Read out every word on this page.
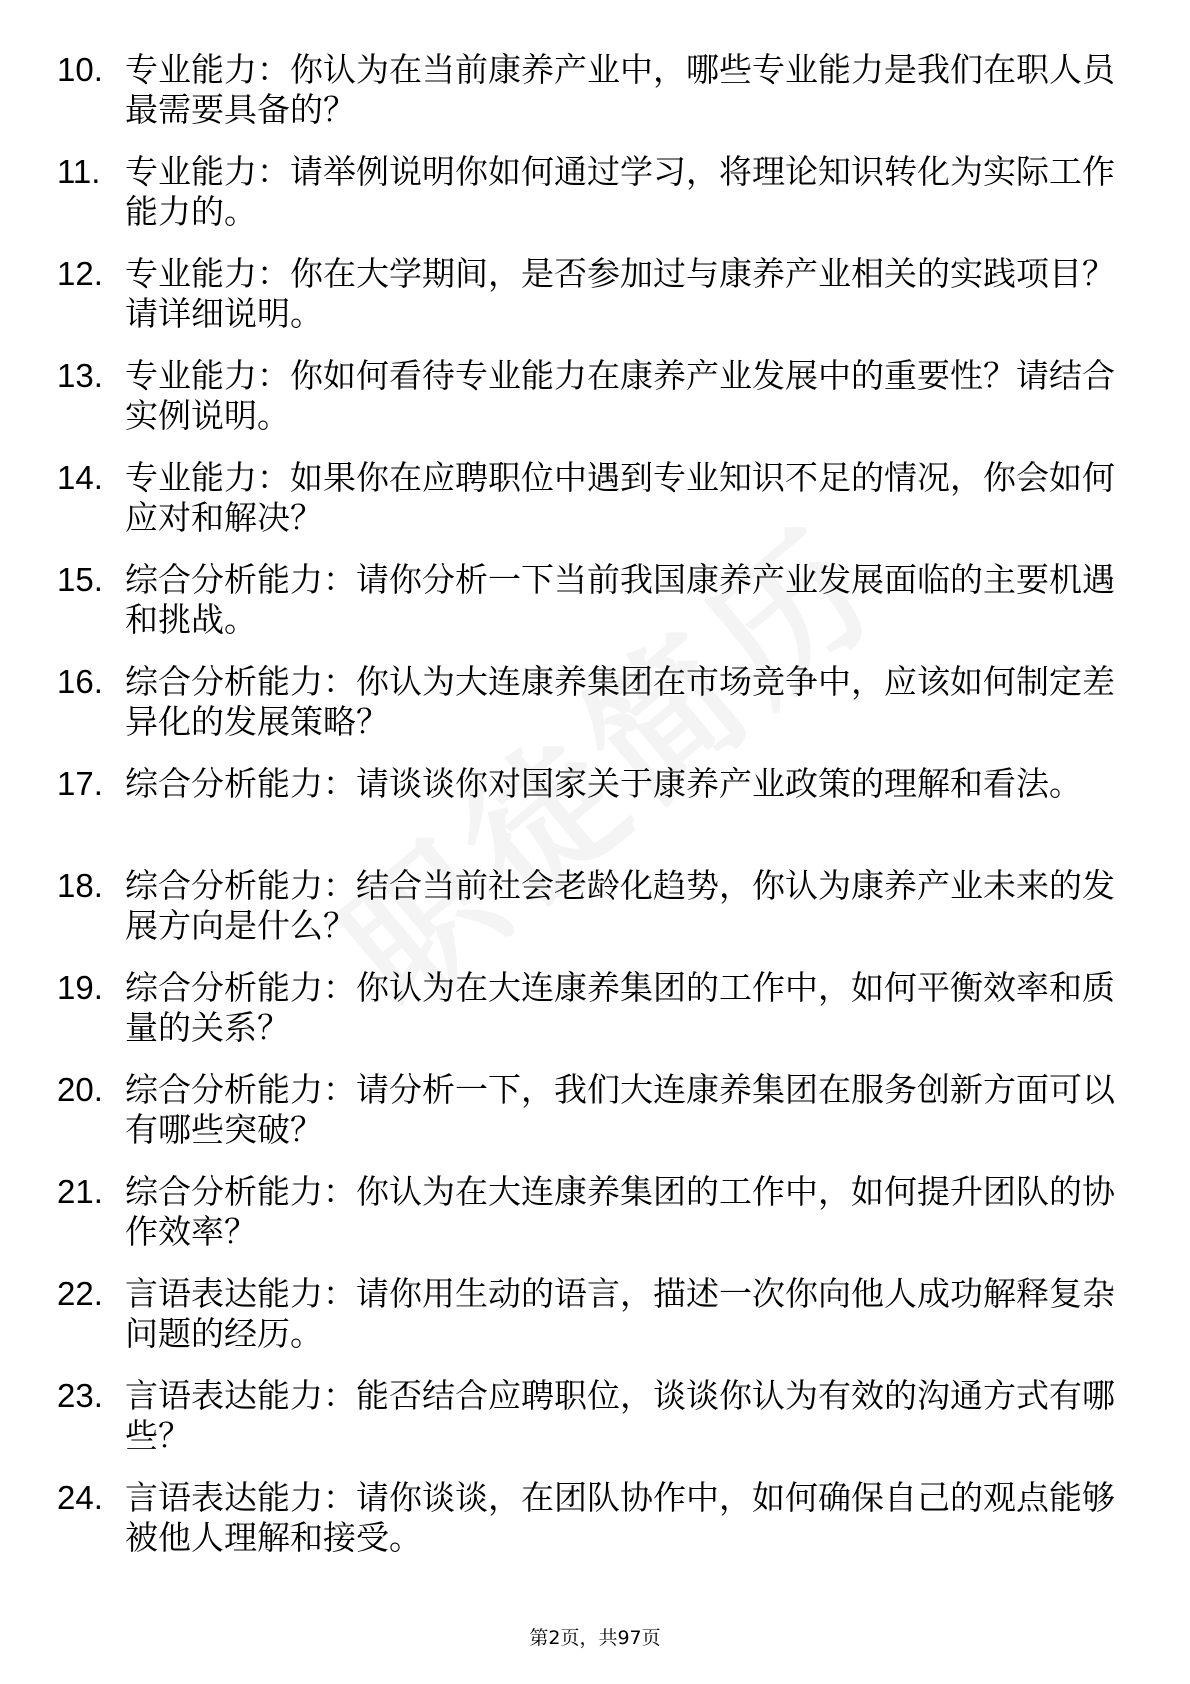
10. 专业能力：你认为在当前康养产业中，哪些专业能力是我们在职人员最需要具备的？
11. 专业能力：请举例说明你如何通过学习，将理论知识转化为实际工作能力的。
12. 专业能力：你在大学期间，是否参加过与康养产业相关的实践项目？请详细说明。
13. 专业能力：你如何看待专业能力在康养产业发展中的重要性？请结合实例说明。
14. 专业能力：如果你在应聘职位中遇到专业知识不足的情况，你会如何应对和解决？
15. 综合分析能力：请你分析一下当前我国康养产业发展面临的主要机遇和挑战。
16. 综合分析能力：你认为大连康养集团在市场竞争中，应该如何制定差异化的发展策略？
17. 综合分析能力：请谈谈你对国家关于康养产业政策的理解和看法。
18. 综合分析能力：结合当前社会老龄化趋势，你认为康养产业未来的发展方向是什么？
19. 综合分析能力：你认为在大连康养集团的工作中，如何平衡效率和质量的关系？
20. 综合分析能力：请分析一下，我们大连康养集团在服务创新方面可以有哪些突破？
21. 综合分析能力：你认为在大连康养集团的工作中，如何提升团队的协作效率？
22. 言语表达能力：请你用生动的语言，描述一次你向他人成功解释复杂问题的经历。
23. 言语表达能力：能否结合应聘职位，谈谈你认为有效的沟通方式有哪些？
24. 言语表达能力：请你谈谈，在团队协作中，如何确保自己的观点能够被他人理解和接受。
第2页，共97页
